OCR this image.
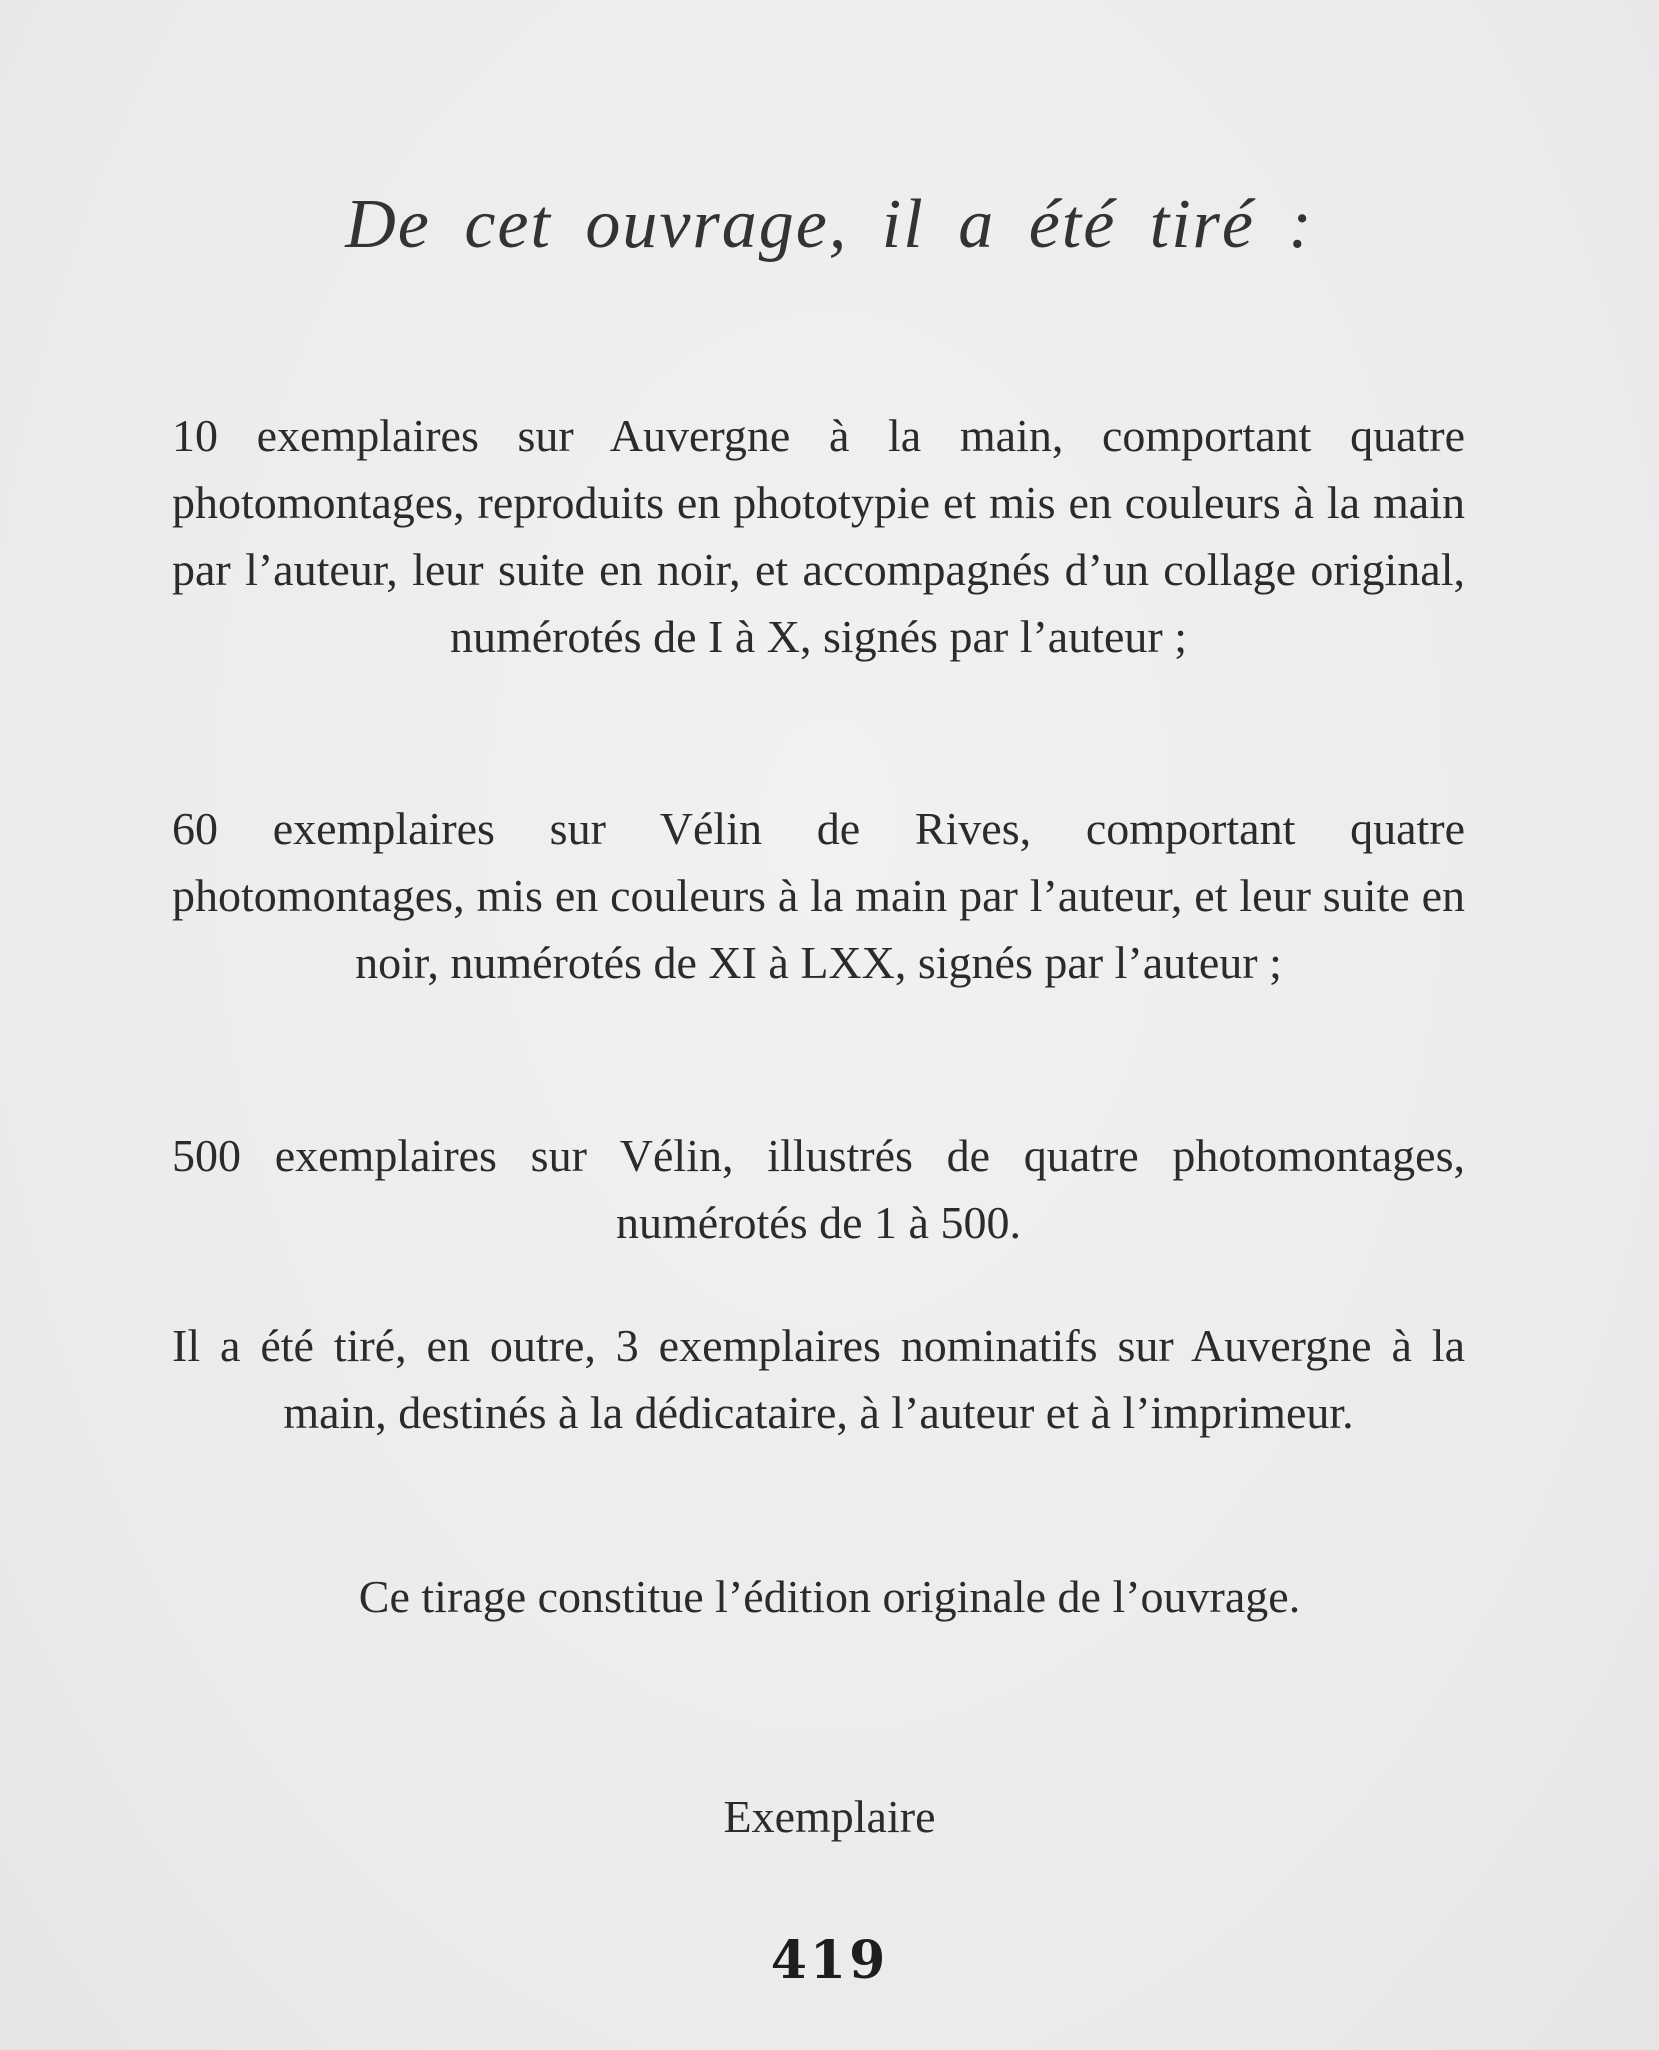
De cet ouvrage, il a été tiré :

10 exemplaires sur Auvergne à la main, comportant quatre photomontages, reproduits en phototypie et mis en couleurs à la main par l’auteur, leur suite en noir, et accompagnés d’un collage original, numérotés de I à X, signés par l’auteur ;

60 exemplaires sur Vélin de Rives, comportant quatre photomontages, mis en couleurs à la main par l’auteur, et leur suite en noir, numérotés de XI à LXX, signés par l’auteur ;

500 exemplaires sur Vélin, illustrés de quatre photomontages, numérotés de 1 à 500.

Il a été tiré, en outre, 3 exemplaires nominatifs sur Auvergne à la main, destinés à la dédicataire, à l’auteur et à l’imprimeur.

Ce tirage constitue l’édition originale de l’ouvrage.

Exemplaire

419
